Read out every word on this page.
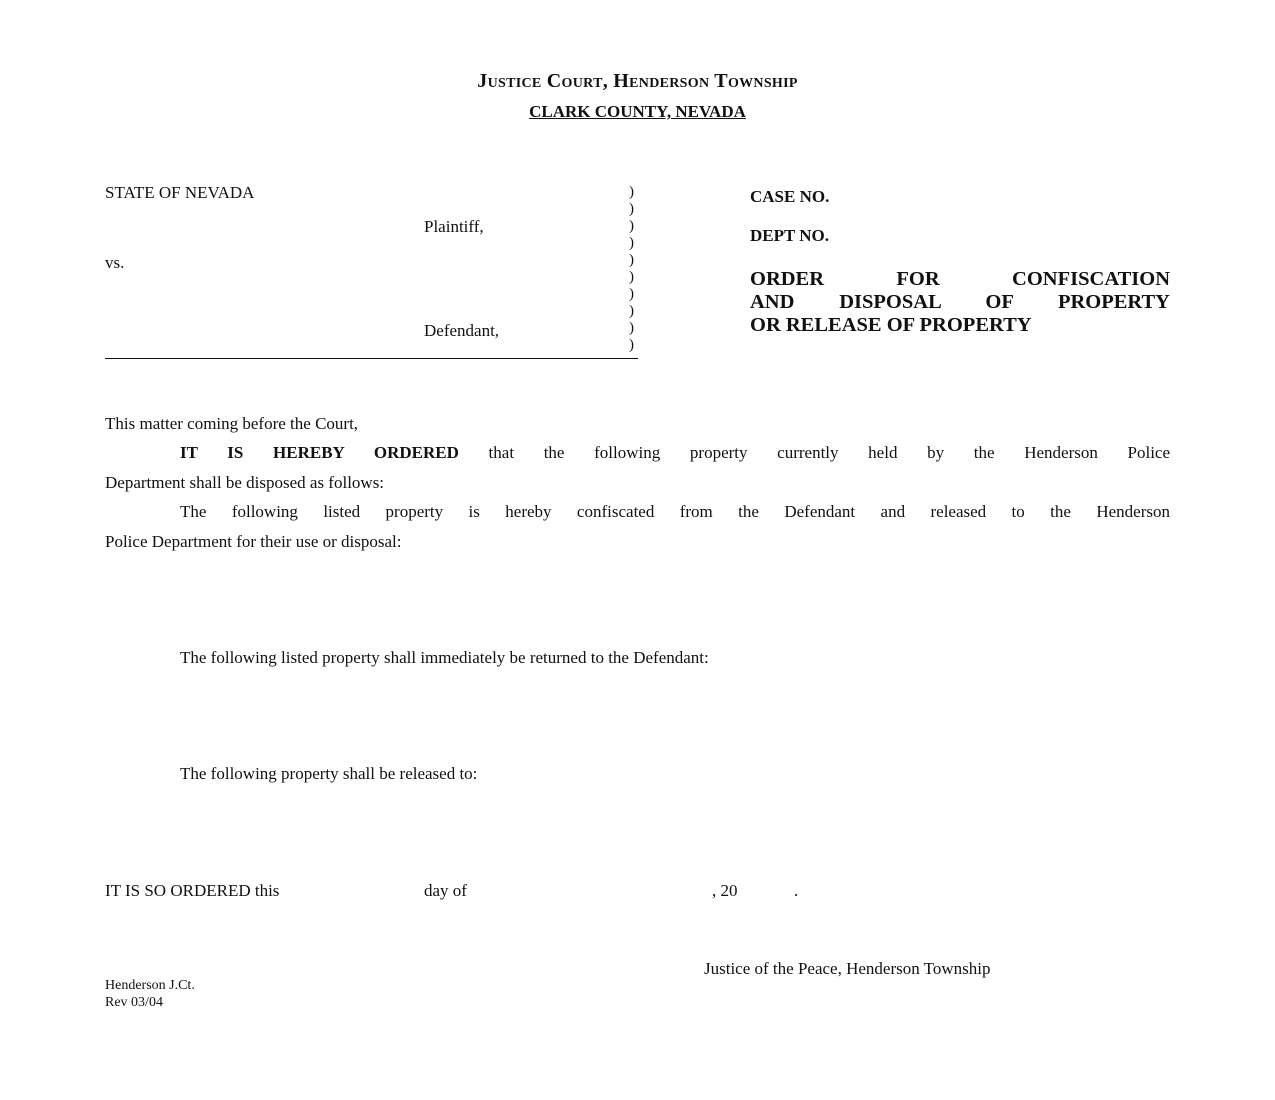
Justice Court, Henderson Township
CLARK COUNTY, NEVADA
STATE OF NEVADA
Plaintiff,
vs.
Defendant,
)
)
)
)
)
)
)
)
)
)
CASE NO.
DEPT NO.
ORDER FOR CONFISCATION
AND DISPOSAL OF PROPERTY
OR RELEASE OF PROPERTY
This matter coming before the Court,
IT IS HEREBY ORDERED that the following property currently held by the Henderson Police
Department shall be disposed as follows:
The following listed property is hereby confiscated from the Defendant and released to the Henderson
Police Department for their use or disposal:
The following listed property shall immediately be returned to the Defendant:
The following property shall be released to:
IT IS SO ORDERED this	day of	, 20	.
Justice of the Peace, Henderson Township
Henderson J.Ct.
Rev 03/04
